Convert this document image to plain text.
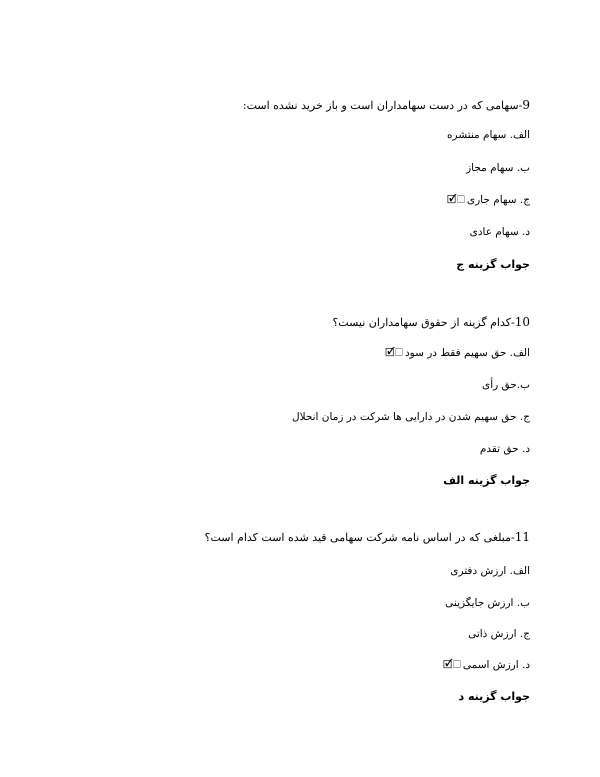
9-سهامی که در دست سهامداران است و باز خرید نشده است:
الف. سهام منتشره
ب. سهام مجاز
ج. سهام جاری🗆🗹
د. سهام عادی
جواب گزینه ج
10-کدام گزینه از حقوق سهامداران نیست؟
الف. حق سهیم فقط در سود🗆🗹
ب.حق رأی
ج. حق سهیم شدن در دارایی ها شرکت در زمان انحلال
د. حق تقدم
جواب گزینه الف
11-مبلغی که در اساس نامه شرکت سهامی قید شده است کدام است؟
الف. ارزش دفتری
ب. ارزش جایگزینی
ج. ارزش ذاتی
د. ارزش اسمی🗆🗹
جواب گزینه د
